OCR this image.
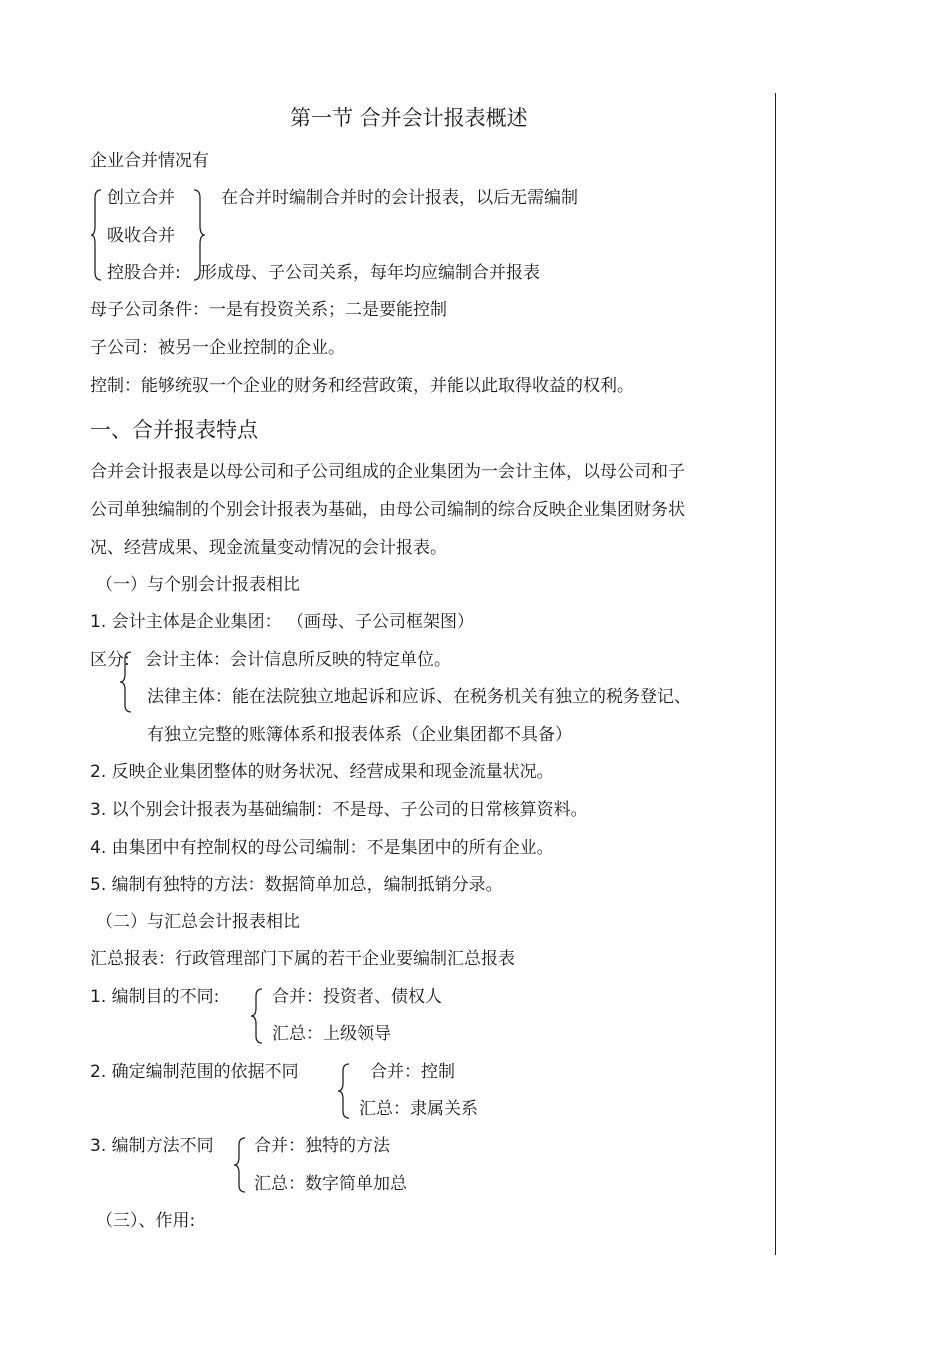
第一节 合并会计报表概述
企业合并情况有
创立合并
吸收合并
控股合并:
在合并时编制合并时的会计报表，以后无需编制
形成母、子公司关系，每年均应编制合并报表
母子公司条件：一是有投资关系；二是要能控制
子公司：被另一企业控制的企业。
控制：能够统驭一个企业的财务和经营政策，并能以此取得收益的权利。
一、合并报表特点
合并会计报表是以母公司和子公司组成的企业集团为一会计主体，以母公司和子
公司单独编制的个别会计报表为基础，由母公司编制的综合反映企业集团财务状
况、经营成果、现金流量变动情况的会计报表。
（一）与个别会计报表相比
1. 会计主体是企业集团： （画母、子公司框架图）
区分: 会计主体：会计信息所反映的特定单位。
法律主体：能在法院独立地起诉和应诉、在税务机关有独立的税务登记、
有独立完整的账簿体系和报表体系（企业集团都不具备）
2. 反映企业集团整体的财务状况、经营成果和现金流量状况。
3. 以个别会计报表为基础编制：不是母、子公司的日常核算资料。
4. 由集团中有控制权的母公司编制：不是集团中的所有企业。
5. 编制有独特的方法：数据简单加总，编制抵销分录。
（二）与汇总会计报表相比
汇总报表：行政管理部门下属的若干企业要编制汇总报表
1. 编制目的不同:	合并：投资者、债权人
汇总：上级领导
2. 确定编制范围的依据不同	合并：控制
汇总：隶属关系
3. 编制方法不同 合并：独特的方法
汇总：数字简单加总
（三）、作用:
